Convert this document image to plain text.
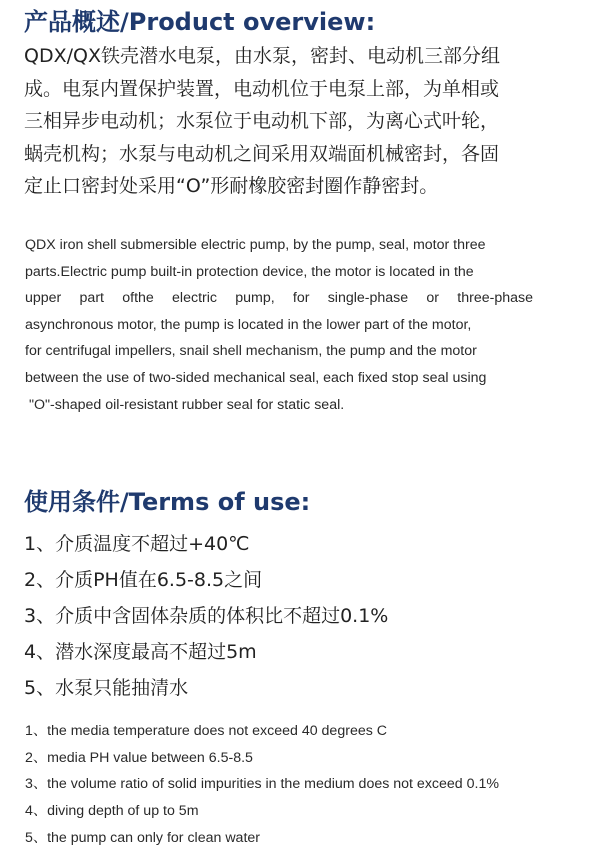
产品概述/Product overview:

QDX/QX铁壳潜水电泵，由水泵，密封、电动机三部分组
成。电泵内置保护装置，电动机位于电泵上部，为单相或
三相异步电动机；水泵位于电动机下部，为离心式叶轮，
蜗壳机构；水泵与电动机之间采用双端面机械密封，各固
定止口密封处采用“O”形耐橡胶密封圈作静密封。

QDX iron shell submersible electric pump, by the pump, seal, motor three
parts.Electric pump built-in protection device, the motor is located in the
upper part ofthe electric pump, for single-phase or three-phase
asynchronous motor, the pump is located in the lower part of the motor,
for centrifugal impellers, snail shell mechanism, the pump and the motor
between the use of two-sided mechanical seal, each fixed stop seal using
"O"-shaped oil-resistant rubber seal for static seal.

使用条件/Terms of use:
1、介质温度不超过+40℃
2、介质PH值在6.5-8.5之间
3、介质中含固体杂质的体积比不超过0.1%
4、潜水深度最高不超过5m
5、水泵只能抽清水
1、the media temperature does not exceed 40 degrees C
2、media PH value between 6.5-8.5
3、the volume ratio of solid impurities in the medium does not exceed 0.1%
4、diving depth of up to 5m
5、the pump can only for clean water
